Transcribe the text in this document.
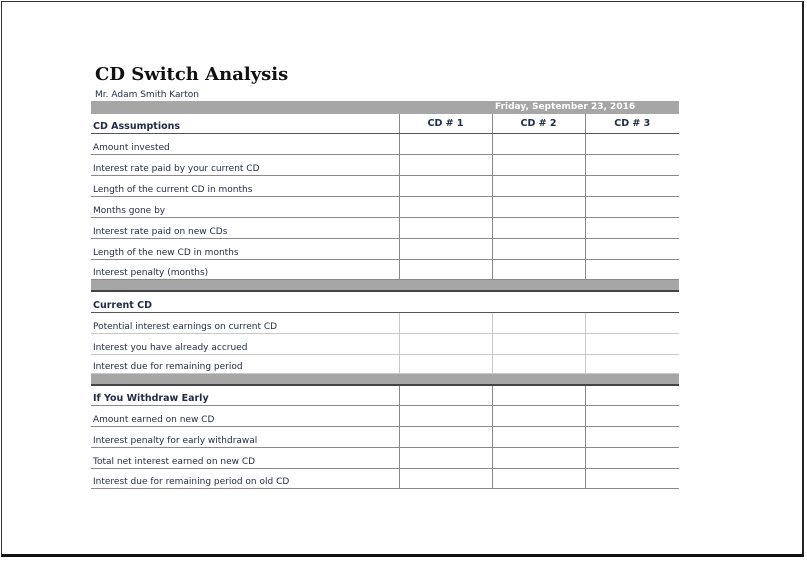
CD Switch Analysis
Mr. Adam Smith Karton
Friday, September 23, 2016
CD Assumptions	CD # 1	CD # 2	CD # 3
Amount invested			
Interest rate paid by your current CD			
Length of the current CD in months			
Months gone by			
Interest rate paid on new CDs			
Length of the new CD in months			
Interest penalty (months)			

Current CD			
Potential interest earnings on current CD			
Interest you have already accrued			
Interest due for remaining period			

If You Withdraw Early			
Amount earned on new CD			
Interest penalty for early withdrawal			
Total net interest earned on new CD			
Interest due for remaining period on old CD			
